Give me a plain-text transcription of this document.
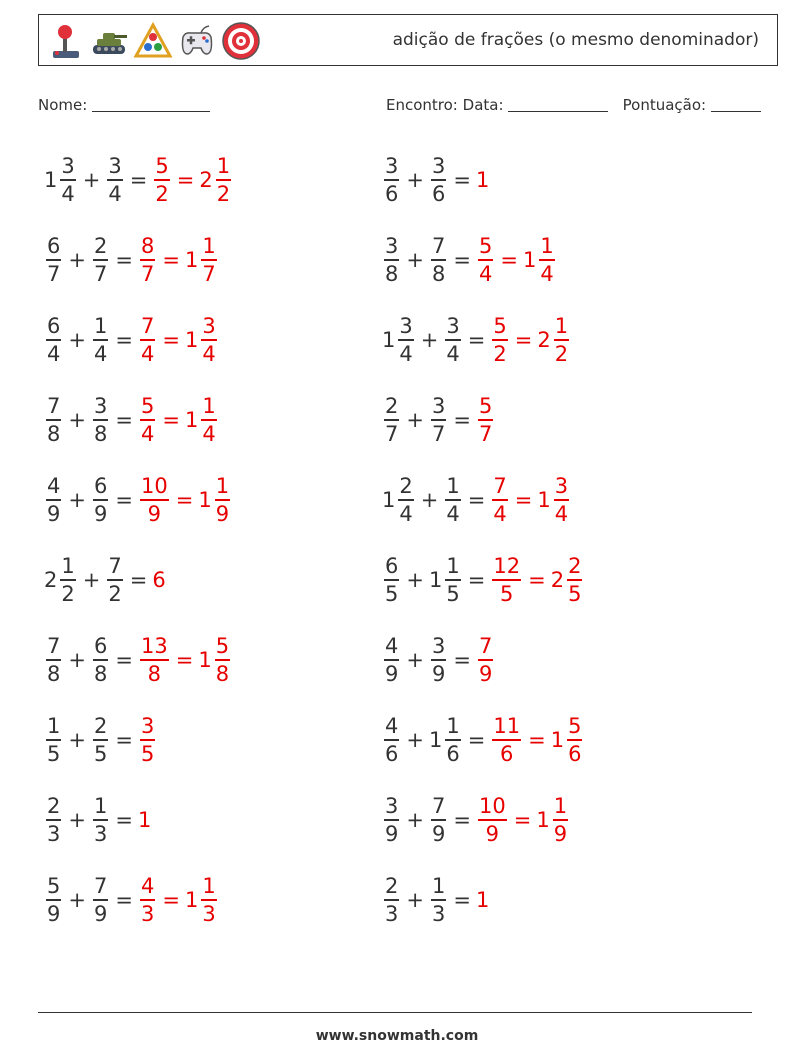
adição de frações (o mesmo denominador)
Nome:	Encontro: Data:	Pontuação:
$1 \frac{3}{4} + \frac{3}{4} = \frac{5}{2} = 2 \frac{1}{2}$
$\frac{6}{7} + \frac{2}{7} = \frac{8}{7} = 1 \frac{1}{7}$
$\frac{6}{4} + \frac{1}{4} = \frac{7}{4} = 1 \frac{3}{4}$
$\frac{7}{8} + \frac{3}{8} = \frac{5}{4} = 1 \frac{1}{4}$
$\frac{4}{9} + \frac{6}{9} = \frac{10}{9} = 1 \frac{1}{9}$
$2 \frac{1}{2} + \frac{7}{2} = 6$
$\frac{7}{8} + \frac{6}{8} = \frac{13}{8} = 1 \frac{5}{8}$
$\frac{1}{5} + \frac{2}{5} = \frac{3}{5}$
$\frac{2}{3} + \frac{1}{3} = 1$
$\frac{5}{9} + \frac{7}{9} = \frac{4}{3} = 1 \frac{1}{3}$
$\frac{3}{6} + \frac{3}{6} = 1$
$\frac{3}{8} + \frac{7}{8} = \frac{5}{4} = 1 \frac{1}{4}$
$1 \frac{3}{4} + \frac{3}{4} = \frac{5}{2} = 2 \frac{1}{2}$
$\frac{2}{7} + \frac{3}{7} = \frac{5}{7}$
$1 \frac{2}{4} + \frac{1}{4} = \frac{7}{4} = 1 \frac{3}{4}$
$\frac{6}{5} + 1 \frac{1}{5} = \frac{12}{5} = 2 \frac{2}{5}$
$\frac{4}{9} + \frac{3}{9} = \frac{7}{9}$
$\frac{4}{6} + 1 \frac{1}{6} = \frac{11}{6} = 1 \frac{5}{6}$
$\frac{3}{9} + \frac{7}{9} = \frac{10}{9} = 1 \frac{1}{9}$
$\frac{2}{3} + \frac{1}{3} = 1$
www.snowmath.com
